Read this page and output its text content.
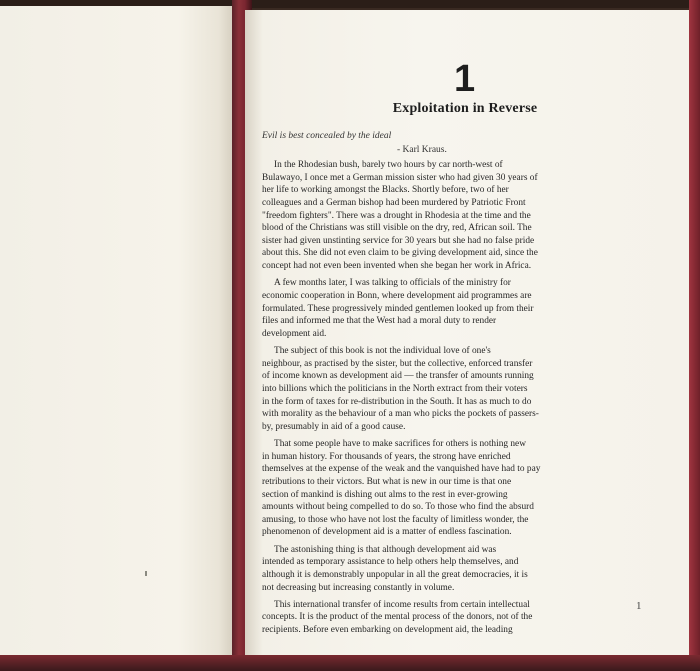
1
Exploitation in Reverse
Evil is best concealed by the ideal
- Karl Kraus.
In the Rhodesian bush, barely two hours by car north-west of
Bulawayo, I once met a German mission sister who had given 30 years of
her life to working amongst the Blacks. Shortly before, two of her
colleagues and a German bishop had been murdered by Patriotic Front
"freedom fighters". There was a drought in Rhodesia at the time and the
blood of the Christians was still visible on the dry, red, African soil. The
sister had given unstinting service for 30 years but she had no false pride
about this. She did not even claim to be giving development aid, since the
concept had not even been invented when she began her work in Africa.
A few months later, I was talking to officials of the ministry for
economic cooperation in Bonn, where development aid programmes are
formulated. These progressively minded gentlemen looked up from their
files and informed me that the West had a moral duty to render
development aid.
The subject of this book is not the individual love of one's
neighbour, as practised by the sister, but the collective, enforced transfer
of income known as development aid — the transfer of amounts running
into billions which the politicians in the North extract from their voters
in the form of taxes for re-distribution in the South. It has as much to do
with morality as the behaviour of a man who picks the pockets of passers-
by, presumably in aid of a good cause.
That some people have to make sacrifices for others is nothing new
in human history. For thousands of years, the strong have enriched
themselves at the expense of the weak and the vanquished have had to pay
retributions to their victors. But what is new in our time is that one
section of mankind is dishing out alms to the rest in ever-growing
amounts without being compelled to do so. To those who find the absurd
amusing, to those who have not lost the faculty of limitless wonder, the
phenomenon of development aid is a matter of endless fascination.
The astonishing thing is that although development aid was
intended as temporary assistance to help others help themselves, and
although it is demonstrably unpopular in all the great democracies, it is
not decreasing but increasing constantly in volume.
This international transfer of income results from certain intellectual
concepts. It is the product of the mental process of the donors, not of the
recipients. Before even embarking on development aid, the leading
1
